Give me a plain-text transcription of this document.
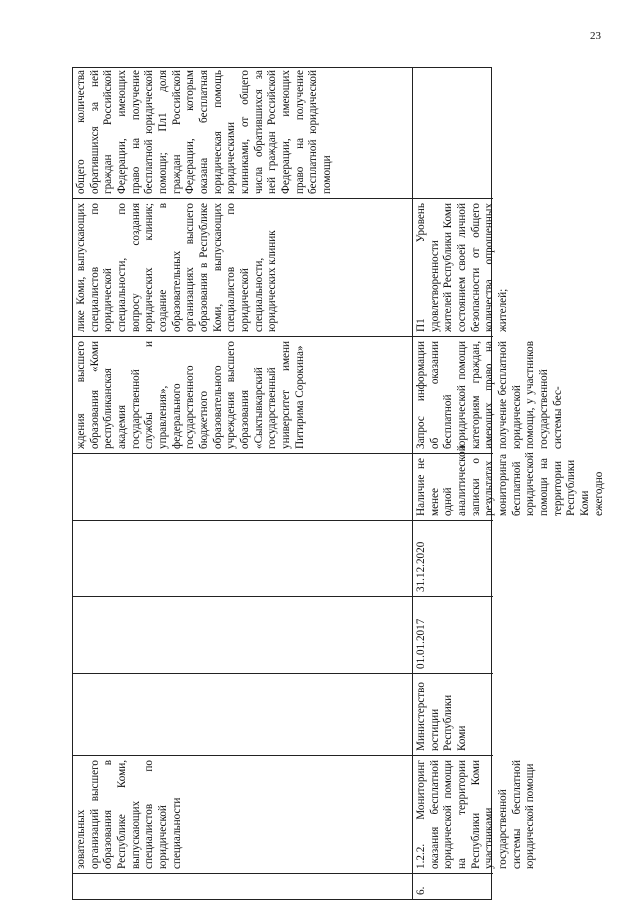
23
зовательных организаций высшего образования в Республике Коми, выпускающих специалистов по юридической специальности
ждения высшего образования «Коми республиканская академия государственной службы и управления», федерального государственного бюджетного образовательного учреждения высшего образования «Сыктывкарский государственный университет имени Питирима Сорокина»
лике Коми, выпускающих специалистов по юридической специальности, по вопросу создания юридических клиник; создание в образовательных организациях высшего образования в Республике Коми, выпускающих специалистов по юридической специальности, юридических клиник
общего количества обратившихся за ней граждан Российской Федерации, имеющих право на получение бесплатной юридической помощи; Пл1 доля граждан Российской Федерации, которым оказана бесплатная юридическая помощь юридическими клиниками, от общего числа обратившихся за ней граждан Российской Федерации, имеющих право на получение бесплатной юридической помощи
6.
1.2.2. Мониторинг оказания бесплатной юридической помощи на территории Республики Коми участниками государственной системы бесплатной юридической помощи
Министерство юстиции Республики Коми
01.01.2017
31.12.2020
Наличие не менее одной аналитической записки о результатах мониторинга бесплатной юридической помощи на территории Республики Коми ежегодно
Запрос информации об оказании бесплатной юридической помощи категориям граждан, имеющих право на получение бесплатной юридической помощи, у участников государственной системы бес-
П1 Уровень удовлетворенности жителей Республики Коми состоянием своей личной безопасности от общего количества опрошенных жителей;
